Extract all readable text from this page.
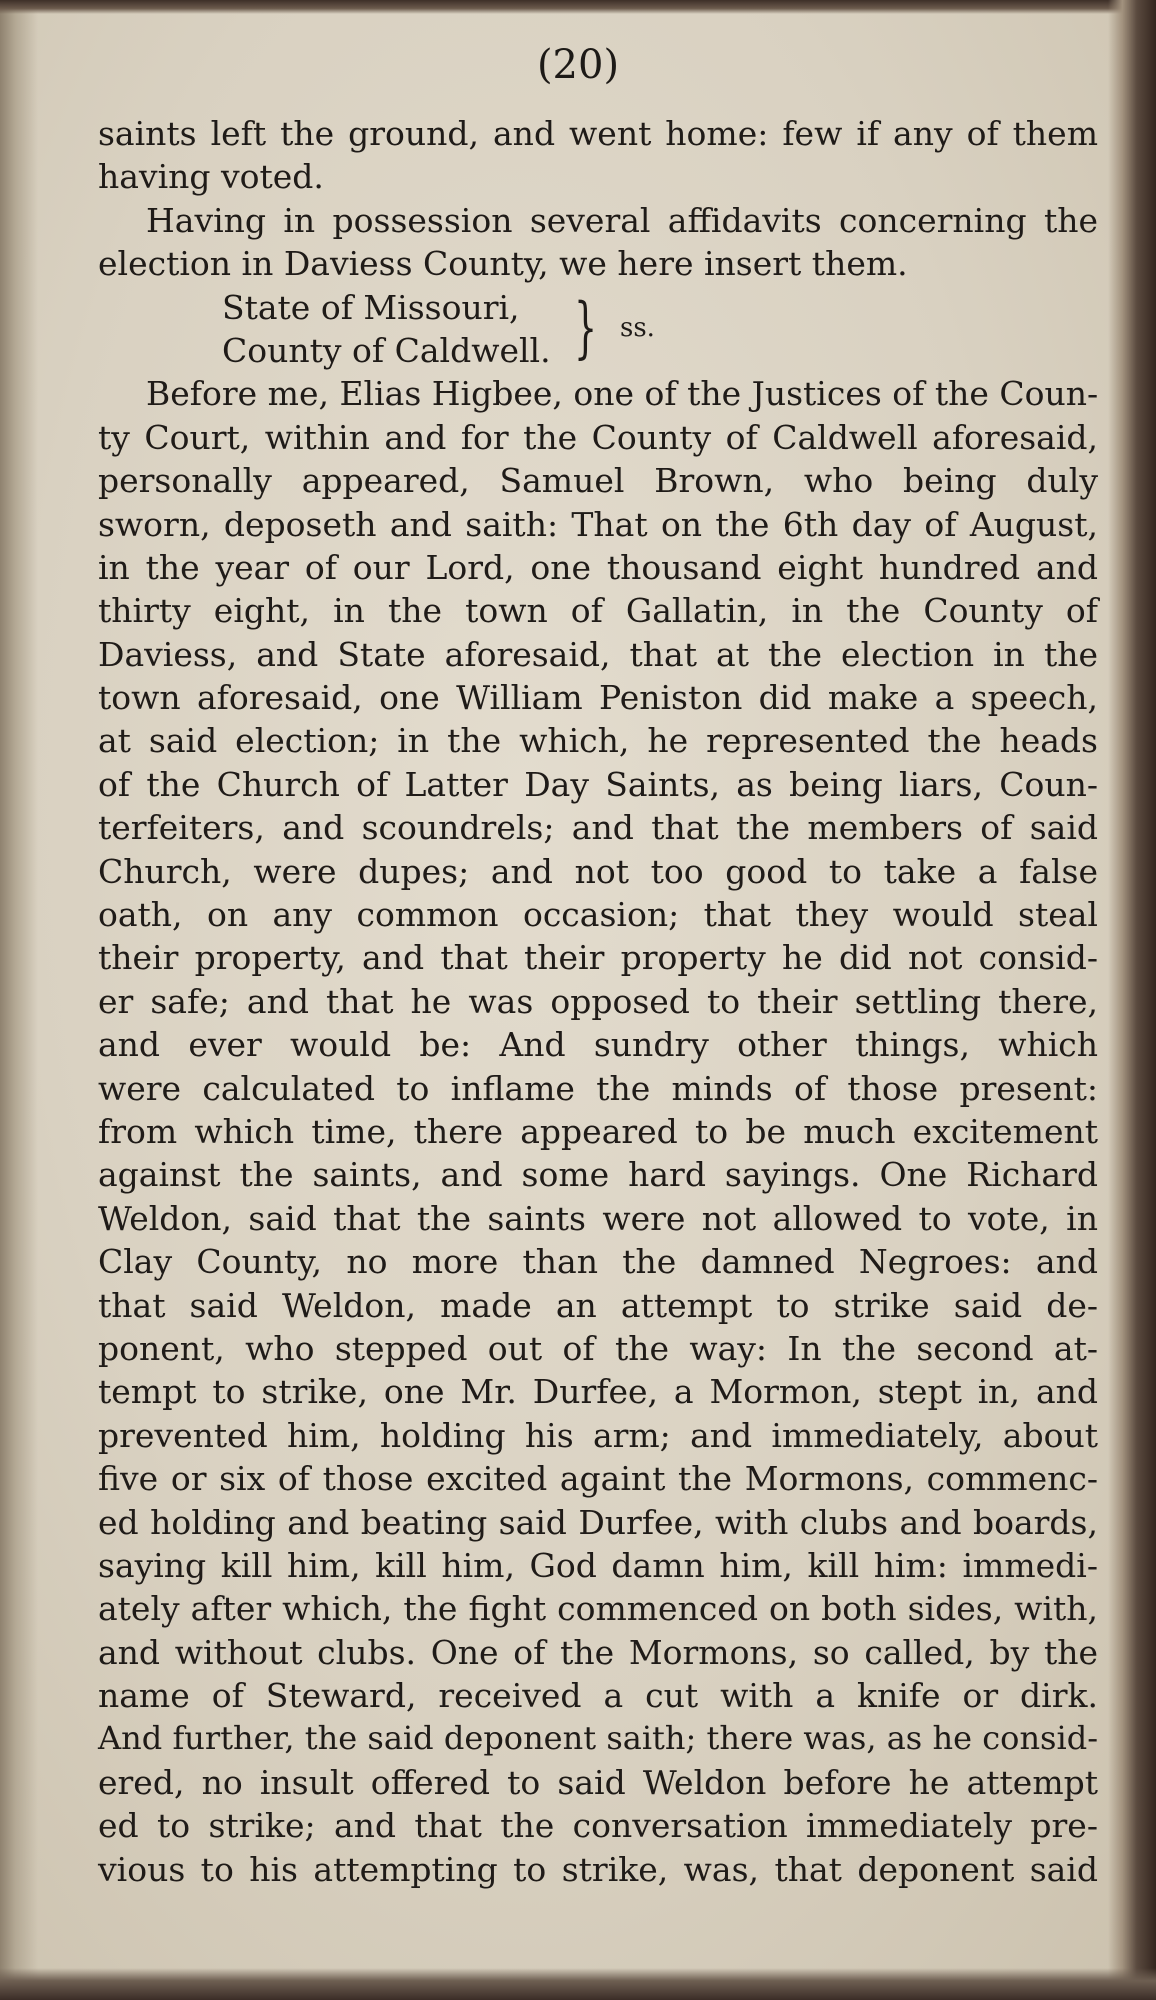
(20)
saints left the ground, and went home: few if any of them
having voted.
Having in possession several affidavits concerning the
election in Daviess County, we here insert them.
State of Missouri,
County of Caldwell. } ss.
Before me, Elias Higbee, one of the Justices of the Coun-
ty Court, within and for the County of Caldwell aforesaid,
personally appeared, Samuel Brown, who being duly
sworn, deposeth and saith: That on the 6th day of August,
in the year of our Lord, one thousand eight hundred and
thirty eight, in the town of Gallatin, in the County of
Daviess, and State aforesaid, that at the election in the
town aforesaid, one William Peniston did make a speech,
at said election; in the which, he represented the heads
of the Church of Latter Day Saints, as being liars, Coun-
terfeiters, and scoundrels; and that the members of said
Church, were dupes; and not too good to take a false
oath, on any common occasion; that they would steal
their property, and that their property he did not consid-
er safe; and that he was opposed to their settling there,
and ever would be: And sundry other things, which
were calculated to inflame the minds of those present:
from which time, there appeared to be much excitement
against the saints, and some hard sayings. One Richard
Weldon, said that the saints were not allowed to vote, in
Clay County, no more than the damned Negroes: and
that said Weldon, made an attempt to strike said de-
ponent, who stepped out of the way: In the second at-
tempt to strike, one Mr. Durfee, a Mormon, stept in, and
prevented him, holding his arm; and immediately, about
five or six of those excited againt the Mormons, commenc-
ed holding and beating said Durfee, with clubs and boards,
saying kill him, kill him, God damn him, kill him: immedi-
ately after which, the fight commenced on both sides, with,
and without clubs. One of the Mormons, so called, by the
name of Steward, received a cut with a knife or dirk.
And further, the said deponent saith; there was, as he consid-
ered, no insult offered to said Weldon before he attempt
ed to strike; and that the conversation immediately pre-
vious to his attempting to strike, was, that deponent said
